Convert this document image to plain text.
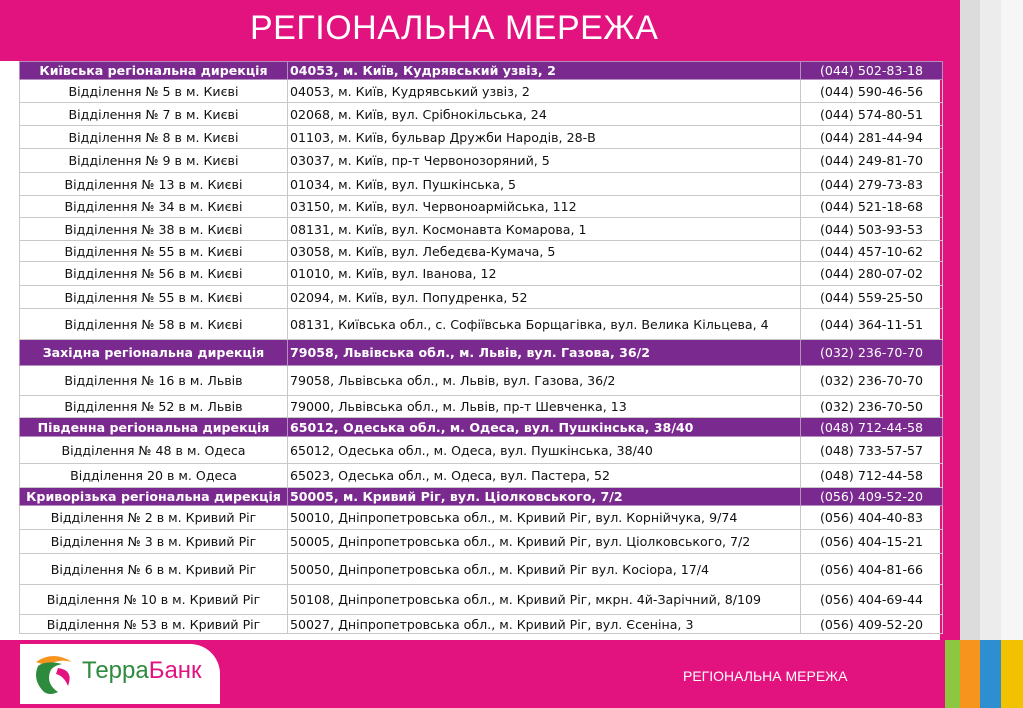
РЕГІОНАЛЬНА МЕРЕЖА
Київська регіональна дирекція	04053, м. Київ, Кудрявський узвіз, 2	(044) 502-83-18
Відділення № 5 в м. Києві	04053, м. Київ, Кудрявський узвіз, 2	(044) 590-46-56
Відділення № 7 в м. Києві	02068, м. Київ, вул. Срібнокільська, 24	(044) 574-80-51
Відділення № 8 в м. Києві	01103, м. Київ, бульвар Дружби Народів, 28-В	(044) 281-44-94
Відділення № 9 в м. Києві	03037, м. Київ, пр-т Червонозоряний, 5	(044) 249-81-70
Відділення № 13 в м. Києві	01034, м. Київ, вул. Пушкінська, 5	(044) 279-73-83
Відділення № 34 в м. Києві	03150, м. Київ, вул. Червоноармійська, 112	(044) 521-18-68
Відділення № 38 в м. Києві	08131, м. Київ, вул. Космонавта Комарова, 1	(044) 503-93-53
Відділення № 55 в м. Києві	03058, м. Київ, вул. Лебедєва-Кумача, 5	(044) 457-10-62
Відділення № 56 в м. Києві	01010, м. Київ, вул. Іванова, 12	(044) 280-07-02
Відділення № 55 в м. Києві	02094, м. Київ, вул. Попудренка, 52	(044) 559-25-50
Відділення № 58 в м. Києві	08131, Київська обл., с. Софіївська Борщагівка, вул. Велика Кільцева, 4	(044) 364-11-51
Західна регіональна дирекція	79058, Львівська обл., м. Львів, вул. Газова, 36/2	(032) 236-70-70
Відділення № 16 в м. Львів	79058, Львівська обл., м. Львів, вул. Газова, 36/2	(032) 236-70-70
Відділення № 52 в м. Львів	79000, Львівська обл., м. Львів, пр-т Шевченка, 13	(032) 236-70-50
Південна регіональна дирекція	65012, Одеська обл., м. Одеса, вул. Пушкінська, 38/40	(048) 712-44-58
Відділення № 48 в м. Одеса	65012, Одеська обл., м. Одеса, вул. Пушкінська, 38/40	(048) 733-57-57
Відділення 20 в м. Одеса	65023, Одеська обл., м. Одеса, вул. Пастера, 52	(048) 712-44-58
Криворізька регіональна дирекція	50005, м. Кривий Ріг, вул. Ціолковського, 7/2	(056) 409-52-20
Відділення № 2 в м. Кривий Ріг	50010, Дніпропетровська обл., м. Кривий Ріг, вул. Корнійчука, 9/74	(056) 404-40-83
Відділення № 3 в м. Кривий Ріг	50005, Дніпропетровська обл., м. Кривий Ріг, вул. Ціолковського, 7/2	(056) 404-15-21
Відділення № 6 в м. Кривий Ріг	50050, Дніпропетровська обл., м. Кривий Ріг вул. Косіора, 17/4	(056) 404-81-66
Відділення № 10 в м. Кривий Ріг	50108, Дніпропетровська обл., м. Кривий Ріг, мкрн. 4й-Зарічний, 8/109	(056) 404-69-44
Відділення № 53 в м. Кривий Ріг	50027, Дніпропетровська обл., м. Кривий Ріг, вул. Єсеніна, 3	(056) 409-52-20
ТерраБанк	РЕГІОНАЛЬНА МЕРЕЖА
